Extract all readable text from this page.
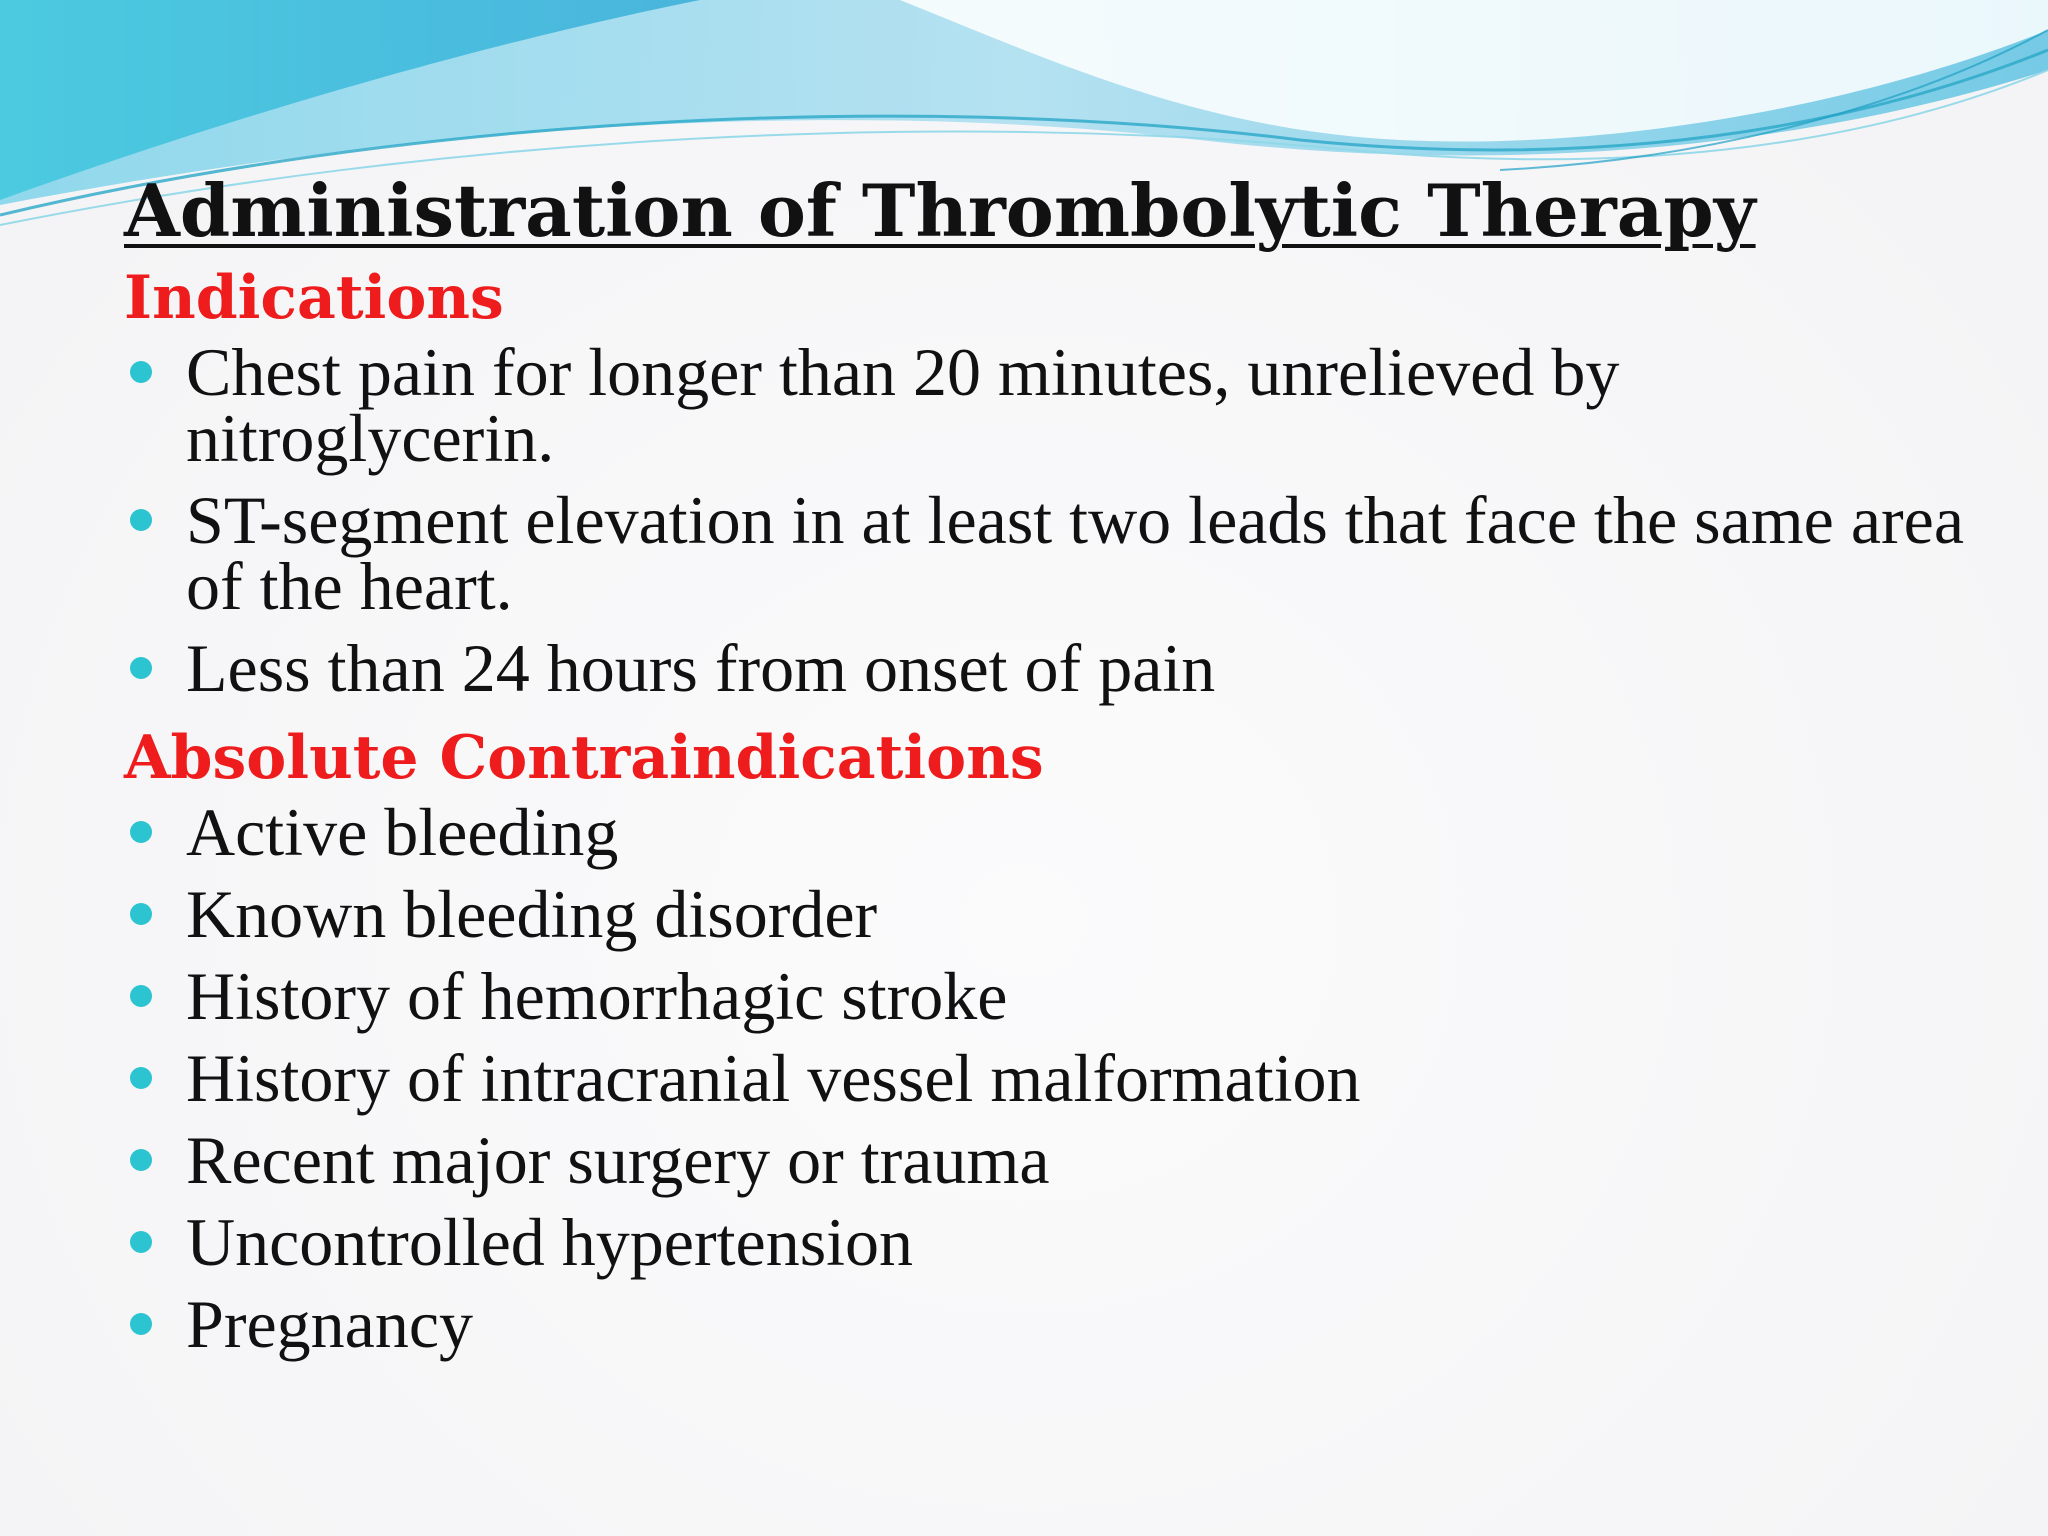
Administration of Thrombolytic Therapy
Indications
Chest pain for longer than 20 minutes, unrelieved by nitroglycerin.
ST-segment elevation in at least two leads that face the same area of the heart.
Less than 24 hours from onset of pain
Absolute Contraindications
Active bleeding
Known bleeding disorder
History of hemorrhagic stroke
History of intracranial vessel malformation
Recent major surgery or trauma
Uncontrolled hypertension
Pregnancy
